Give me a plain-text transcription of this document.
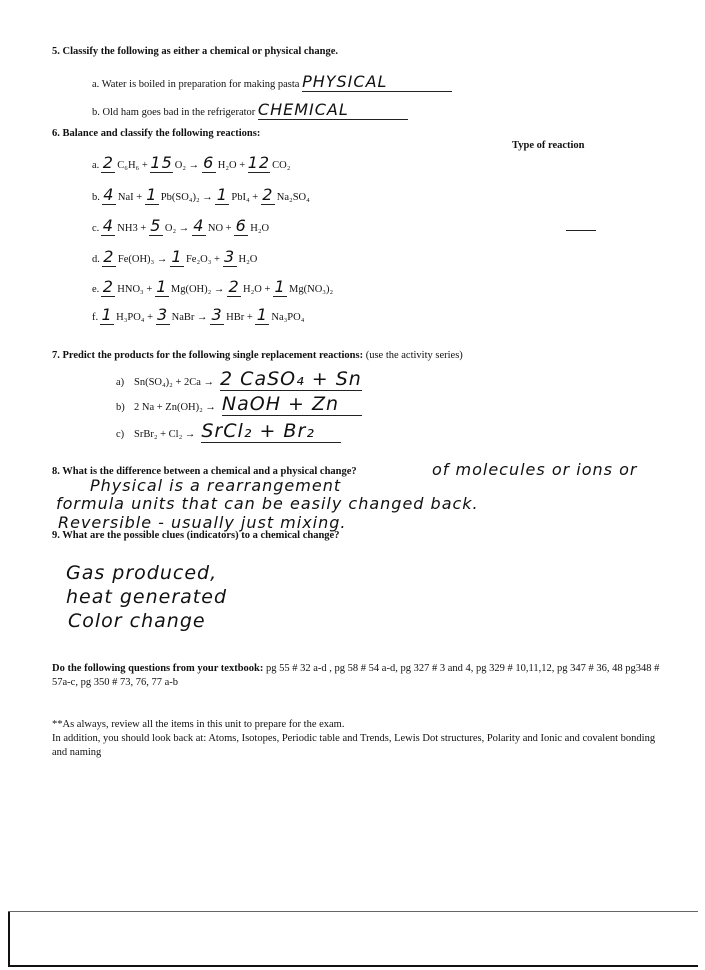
5. Classify the following as either a chemical or physical change.
a. Water is boiled in preparation for making pasta PHYSICAL
b. Old ham goes bad in the refrigerator CHEMICAL
6. Balance and classify the following reactions:
Type of reaction
a. 2 C₆H₆ + 15 O₂ → 6 H₂O + 12 CO₂
b. 4 NaI + 1 Pb(SO₄)₂ → 1 PbI₄ + 2 Na₂SO₄
c. 4 NH3 + 5 O₂ → 4 NO + 6 H₂O
d. 2 Fe(OH)₃ → 1 Fe₂O₃ + 3 H₂O
e. 2 HNO₃ + 1 Mg(OH)₂ → 2 H₂O + 1 Mg(NO₃)₂
f. 1 H₃PO₄ + 3 NaBr → 3 HBr + 1 Na₃PO₄
7. Predict the products for the following single replacement reactions: (use the activity series)
a) Sn(SO₄)₂ + 2Ca → 2 CaSO₄ + Sn
b) 2 Na + Zn(OH)₂ → NaOH + Zn
c) SrBr₂ + Cl₂ → SrCl₂ + Br₂
8. What is the difference between a chemical and a physical change?	of molecules or ions or
Physical is a rearrangement
formula units that can be easily changed back.
Reversible - usually just mixing.
9. What are the possible clues (indicators) to a chemical change?
Gas produced,
heat generated
Color change
Do the following questions from your textbook: pg 55 # 32 a-d , pg 58 # 54 a-d, pg 327 # 3 and 4, pg 329 # 10,11,12, pg 347 # 36, 48 pg348 # 57a-c, pg 350 # 73, 76, 77 a-b
**As always, review all the items in this unit to prepare for the exam.
In addition, you should look back at: Atoms, Isotopes, Periodic table and Trends, Lewis Dot structures, Polarity and Ionic and covalent bonding and naming
